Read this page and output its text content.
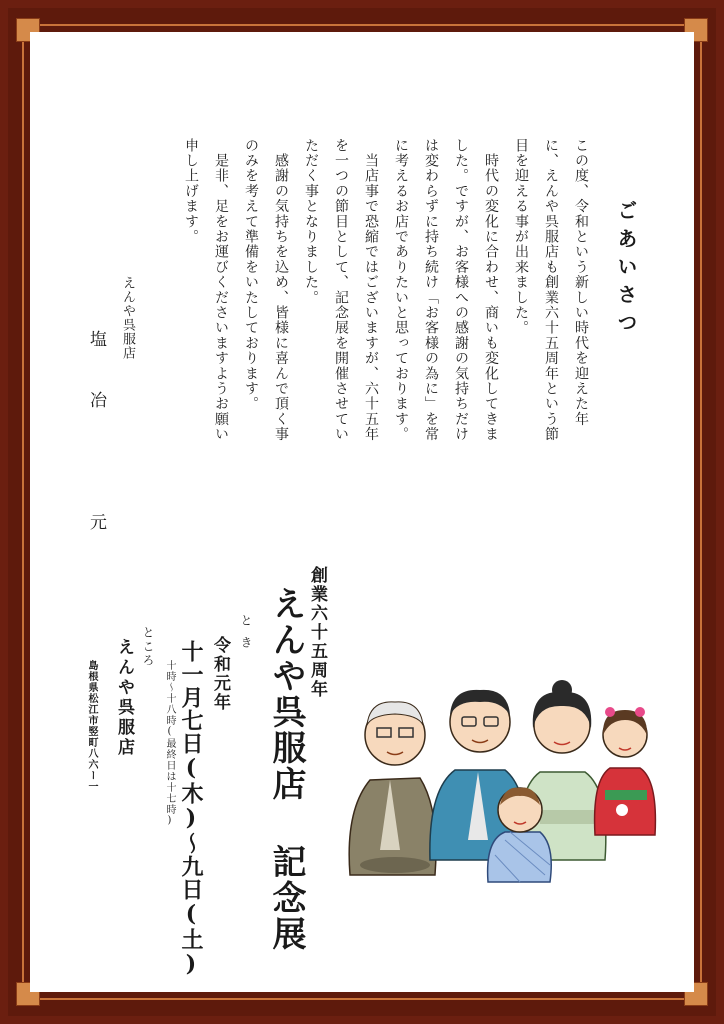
ごあいさつ
この度、令和という新しい時代を迎えた年
に、えんや呉服店も創業六十五周年という節
目を迎える事が出来ました。
　時代の変化に合わせ、商いも変化してきま
した。ですが、お客様への感謝の気持ちだけ
は変わらずに持ち続け「お客様の為に」を常
に考えるお店でありたいと思っております。
　当店事で恐縮ではございますが、六十五年
を一つの節目として、記念展を開催させてい
ただく事となりました。
　感謝の気持ちを込め、皆様に喜んで頂く事
のみを考えて準備をいたしております。
　是非、足をお運びくださいますようお願い
申し上げます。
えんや呉服店
塩冶　元
創業六十五周年
えんや呉服店 記念展
とき
令和元年
十一月七日(木)〜九日(土)
十時〜十八時(最終日は十七時)
ところ
えんや呉服店
島根県松江市竪町八六ー一
